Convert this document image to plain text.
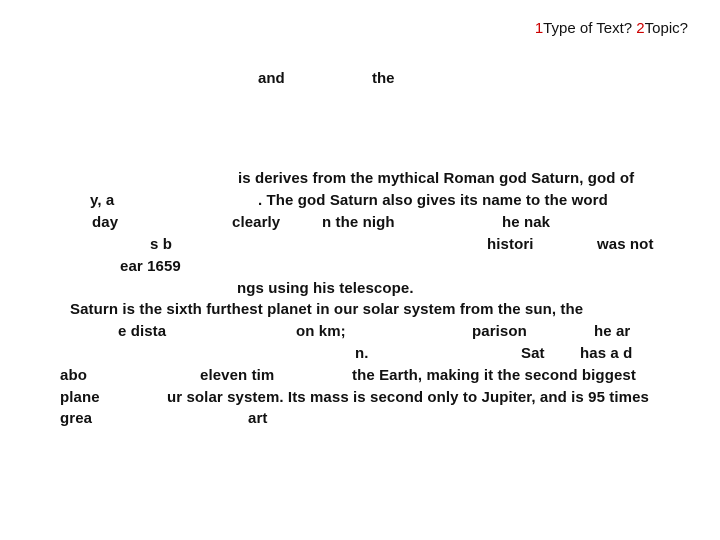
1Type of Text? 2Topic?
and	the
is derives from the mythical Roman god Saturn, god of
y, a	. The god Saturn also gives its name to the word
day	clearly	n the nigh	he nak
s b	histori	was not
ear 1659
ngs using his telescope.
Saturn is the sixth furthest planet in our solar system from the sun, the
e dista	on km;	parison	he ar
n.	Sat has a d
abo	eleven tim	the Earth, making it the second biggest
plane	ur solar system. Its mass is second only to Jupiter, and is 95 times
grea	art
